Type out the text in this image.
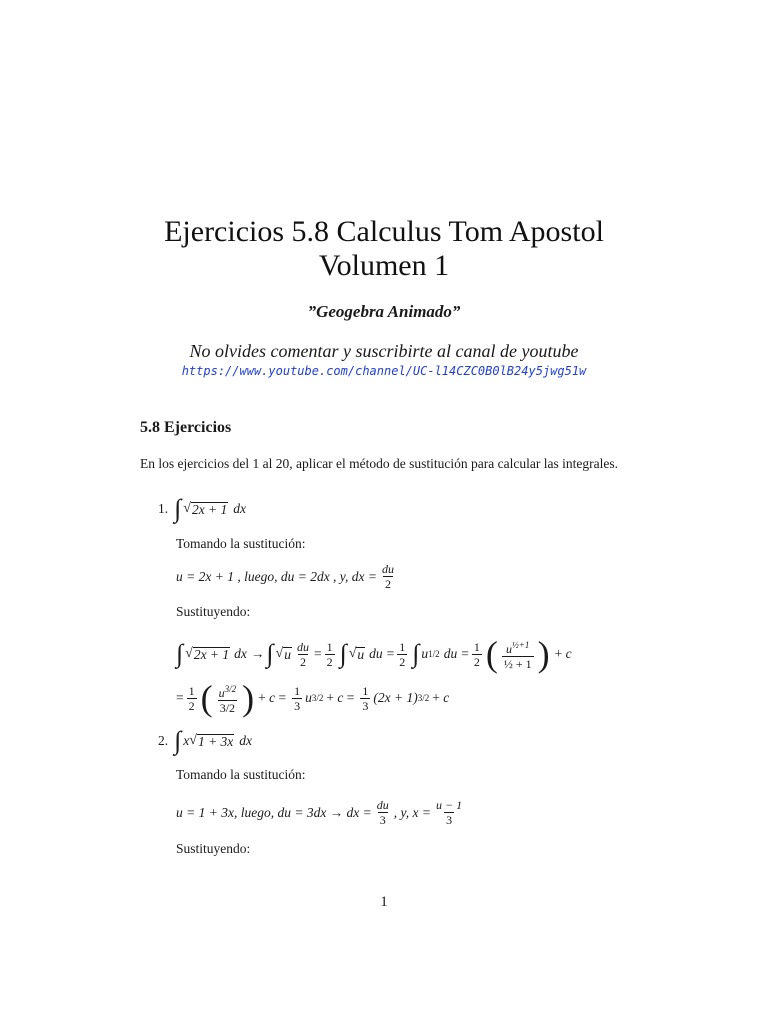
Ejercicios 5.8 Calculus Tom Apostol
Volumen 1
”Geogebra Animado”
No olvides comentar y suscribirte al canal de youtube
https://www.youtube.com/channel/UC-l14CZC0B0lB24y5jwg51w
5.8 Ejercicios
En los ejercicios del 1 al 20, aplicar el método de sustitución para calcular las integrales.
1. ∫ √ 2x + 1 dx
Tomando la sustitución:
u = 2x + 1 , luego, du = 2dx , y, dx = $\frac{du}{2}$
Sustituyendo:
∫ √ 2x + 1 dx → ∫ √ u $\frac{du}{2} = \frac{1}{2}$ ∫ √ u du = $\frac{1}{2}$ ∫ u 1/2 du = $\frac{1}{2}$ ( $\frac{u^{\frac{1}{2}+1}}{\text{½ + 1}}$ ) + c
= $\frac{1}{2}$ ( $\frac{u^{3/2}}{3/2}$ ) + $c = \frac{1}{3}$ u $3/2 + c = \frac{1}{3} (2x + 1) 3/2 + c$
2. ∫ x √ 1 + 3x dx
Tomando la sustitución:
u = 1 + 3x, luego, du = 3dx → dx = $\frac{du}{3}$ , y, $x = \frac{u - 1}{3}$
Sustituyendo:
1
